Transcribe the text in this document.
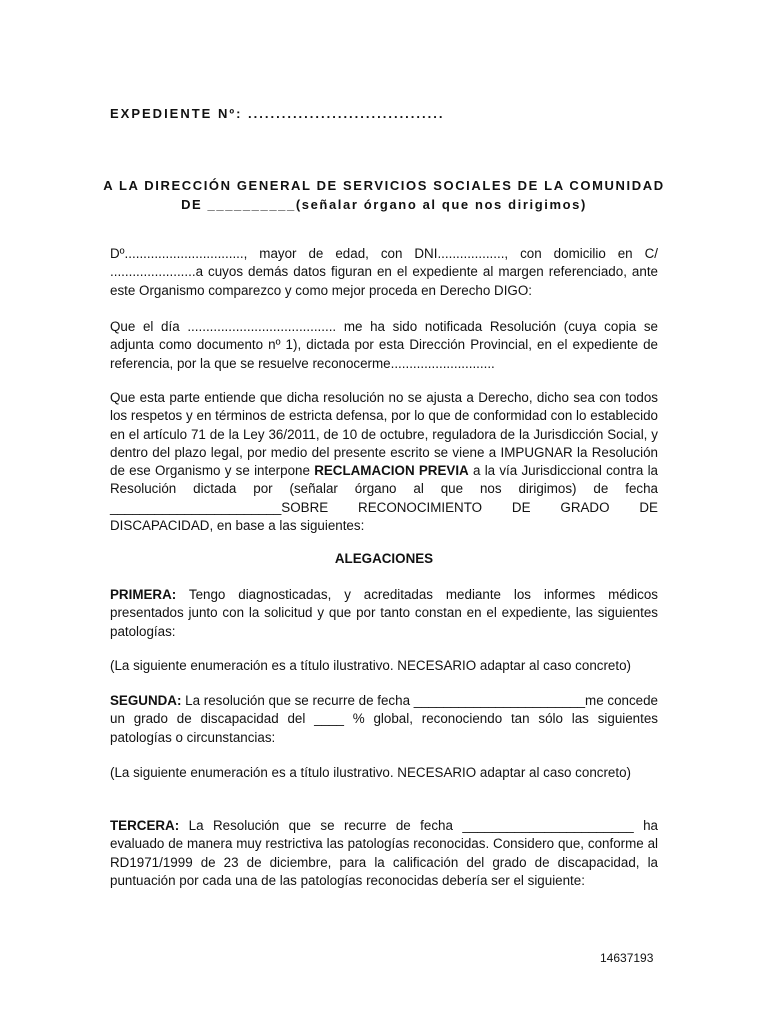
EXPEDIENTE Nº: ...................................
A LA DIRECCIÓN GENERAL DE SERVICIOS SOCIALES DE LA COMUNIDAD
DE __________(señalar órgano al que nos dirigimos)

Dº................................, mayor de edad, con DNI.................., con domicilio en C/ .......................a cuyos demás datos figuran en el expediente al margen referenciado, ante este Organismo comparezco y como mejor proceda en Derecho DIGO:

Que el día ........................................ me ha sido notificada Resolución (cuya copia se adjunta como documento nº 1), dictada por esta Dirección Provincial, en el expediente de referencia, por la que se resuelve reconocerme............................

Que esta parte entiende que dicha resolución no se ajusta a Derecho, dicho sea con todos los respetos y en términos de estricta defensa, por lo que de conformidad con lo establecido en el artículo 71 de la Ley 36/2011, de 10 de octubre, reguladora de la Jurisdicción Social, y dentro del plazo legal, por medio del presente escrito se viene a IMPUGNAR la Resolución de ese Organismo y se interpone RECLAMACION PREVIA a la vía Jurisdiccional contra la Resolución dictada por (señalar órgano al que nos dirigimos) de fecha _______________________SOBRE RECONOCIMIENTO DE GRADO DE DISCAPACIDAD, en base a las siguientes:

ALEGACIONES

PRIMERA: Tengo diagnosticadas, y acreditadas mediante los informes médicos presentados junto con la solicitud y que por tanto constan en el expediente, las siguientes patologías:

(La siguiente enumeración es a título ilustrativo. NECESARIO adaptar al caso concreto)

SEGUNDA: La resolución que se recurre de fecha _______________________me concede un grado de discapacidad del ____ % global, reconociendo tan sólo las siguientes patologías o circunstancias:

(La siguiente enumeración es a título ilustrativo. NECESARIO adaptar al caso concreto)

TERCERA: La Resolución que se recurre de fecha _______________________ ha evaluado de manera muy restrictiva las patologías reconocidas. Considero que, conforme al RD1971/1999 de 23 de diciembre, para la calificación del grado de discapacidad, la puntuación por cada una de las patologías reconocidas debería ser el siguiente:

14637193
